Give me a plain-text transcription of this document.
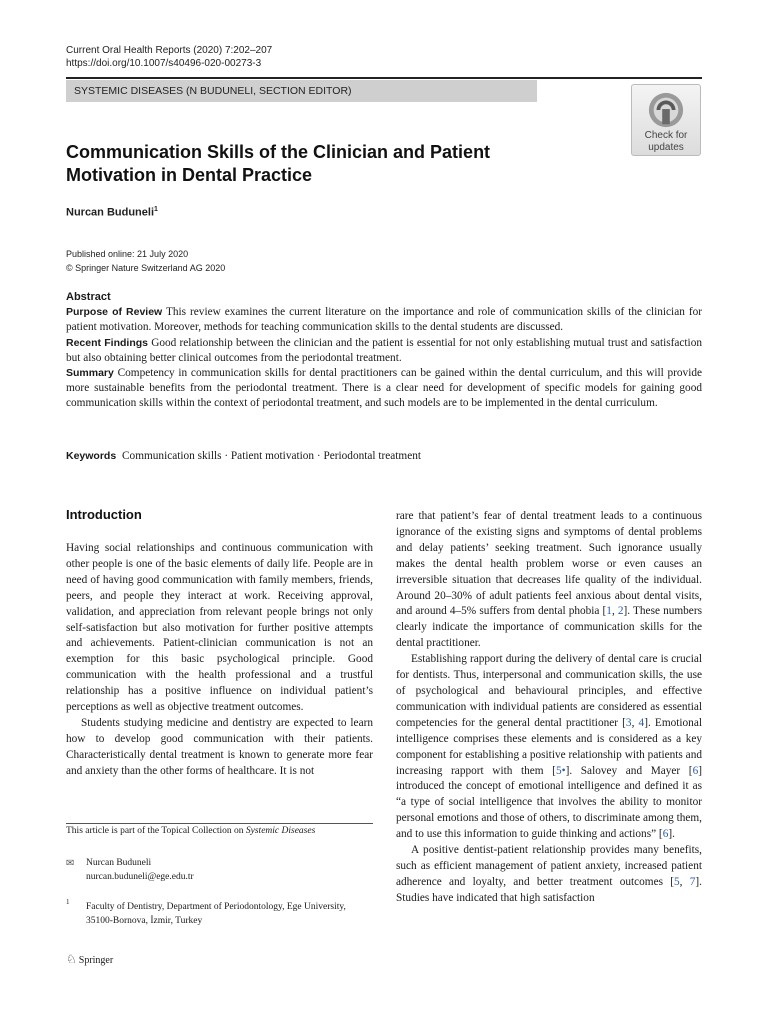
Current Oral Health Reports (2020) 7:202–207
https://doi.org/10.1007/s40496-020-00273-3
SYSTEMIC DISEASES (N BUDUNELI, SECTION EDITOR)
Check for
updates
Communication Skills of the Clinician and Patient
Motivation in Dental Practice
Nurcan Buduneli$^1$
Published online: 21 July 2020
© Springer Nature Switzerland AG 2020
Abstract

Purpose of Review This review examines the current literature on the importance and role of communication skills of the clinician for patient motivation. Moreover, methods for teaching communication skills to the dental students are discussed.

Recent Findings Good relationship between the clinician and the patient is essential for not only establishing mutual trust and satisfaction but also obtaining better clinical outcomes from the periodontal treatment.

Summary Competency in communication skills for dental practitioners can be gained within the dental curriculum, and this will provide more sustainable benefits from the periodontal treatment. There is a clear need for development of specific models for gaining good communication skills within the context of periodontal treatment, and such models are to be implemented in the dental curriculum.

Keywords Communication skills · Patient motivation · Periodontal treatment
Introduction

Having social relationships and continuous communication with other people is one of the basic elements of daily life. People are in need of having good communication with family members, friends, peers, and people they interact at work. Receiving approval, validation, and appreciation from relevant people brings not only self-satisfaction but also motivation for further positive attempts and achievements. Patient-clinician communication is not an exemption for this basic psychological principle. Good communication with the health professional and a trustful relationship has a positive influence on individual patient’s perceptions as well as objective treatment outcomes.

Students studying medicine and dentistry are expected to learn how to develop good communication with their patients. Characteristically dental treatment is known to generate more fear and anxiety than the other forms of healthcare. It is not

rare that patient’s fear of dental treatment leads to a continuous ignorance of the existing signs and symptoms of dental problems and delay patients’ seeking treatment. Such ignorance usually makes the dental health problem worse or even causes an irreversible situation that decreases life quality of the individual. Around 20–30% of adult patients feel anxious about dental visits, and around 4–5% suffers from dental phobia [1, 2]. These numbers clearly indicate the importance of communication skills for the dental practitioner.

Establishing rapport during the delivery of dental care is crucial for dentists. Thus, interpersonal and communication skills, the use of psychological and behavioural principles, and effective communication with individual patients are considered as essential competencies for the general dental practitioner [3, 4]. Emotional intelligence comprises these elements and is considered as a key component for establishing a positive relationship with patients and increasing rapport with them [5•]. Salovey and Mayer [6] introduced the concept of emotional intelligence and defined it as “a type of social intelligence that involves the ability to monitor personal emotions and those of others, to discriminate among them, and to use this information to guide thinking and actions” [6].

A positive dentist-patient relationship provides many benefits, such as efficient management of patient anxiety, increased patient adherence and loyalty, and better treatment outcomes [5, 7]. Studies have indicated that high satisfaction

This article is part of the Topical Collection on Systemic Diseases
✉ Nurcan Buduneli
nurcan.buduneli@ege.edu.tr
1 Faculty of Dentistry, Department of Periodontology, Ege University,
35100-Bornova, İzmir, Turkey
♘ Springer
